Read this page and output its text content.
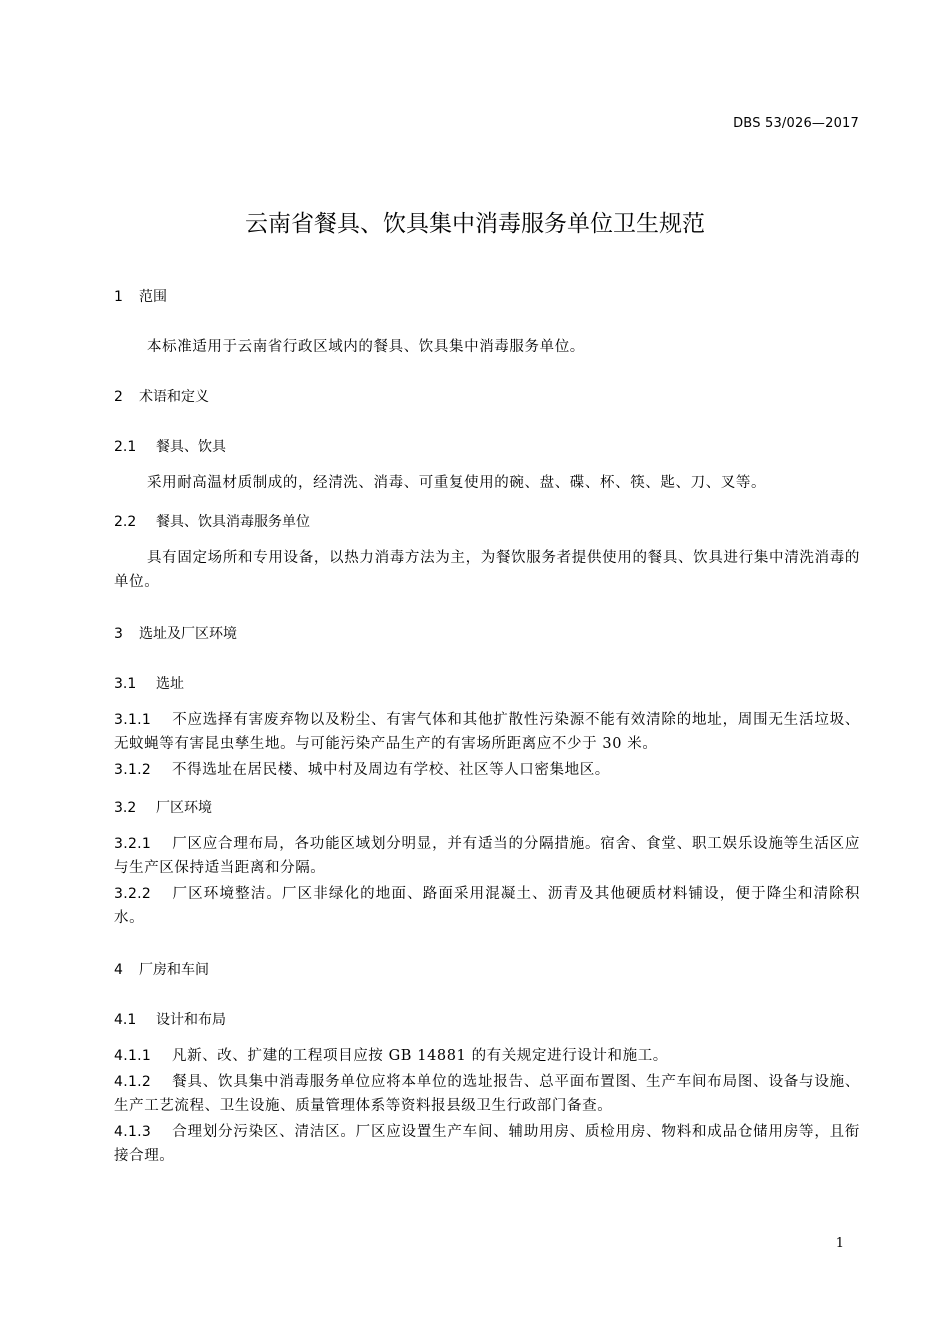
DBS 53/026—2017
云南省餐具、饮具集中消毒服务单位卫生规范
1 范围
本标准适用于云南省行政区域内的餐具、饮具集中消毒服务单位。
2 术语和定义
2.1 餐具、饮具
采用耐高温材质制成的，经清洗、消毒、可重复使用的碗、盘、碟、杯、筷、匙、刀、叉等。
2.2 餐具、饮具消毒服务单位
具有固定场所和专用设备，以热力消毒方法为主，为餐饮服务者提供使用的餐具、饮具进行集中清洗消毒的单位。
3 选址及厂区环境
3.1 选址
3.1.1 不应选择有害废弃物以及粉尘、有害气体和其他扩散性污染源不能有效清除的地址，周围无生活垃圾、无蚊蝇等有害昆虫孳生地。与可能污染产品生产的有害场所距离应不少于 30 米。
3.1.2 不得选址在居民楼、城中村及周边有学校、社区等人口密集地区。
3.2 厂区环境
3.2.1 厂区应合理布局，各功能区域划分明显，并有适当的分隔措施。宿舍、食堂、职工娱乐设施等生活区应与生产区保持适当距离和分隔。
3.2.2 厂区环境整洁。厂区非绿化的地面、路面采用混凝土、沥青及其他硬质材料铺设，便于降尘和清除积水。
4 厂房和车间
4.1 设计和布局
4.1.1 凡新、改、扩建的工程项目应按 GB 14881 的有关规定进行设计和施工。
4.1.2 餐具、饮具集中消毒服务单位应将本单位的选址报告、总平面布置图、生产车间布局图、设备与设施、生产工艺流程、卫生设施、质量管理体系等资料报县级卫生行政部门备查。
4.1.3 合理划分污染区、清洁区。厂区应设置生产车间、辅助用房、质检用房、物料和成品仓储用房等，且衔接合理。
1
